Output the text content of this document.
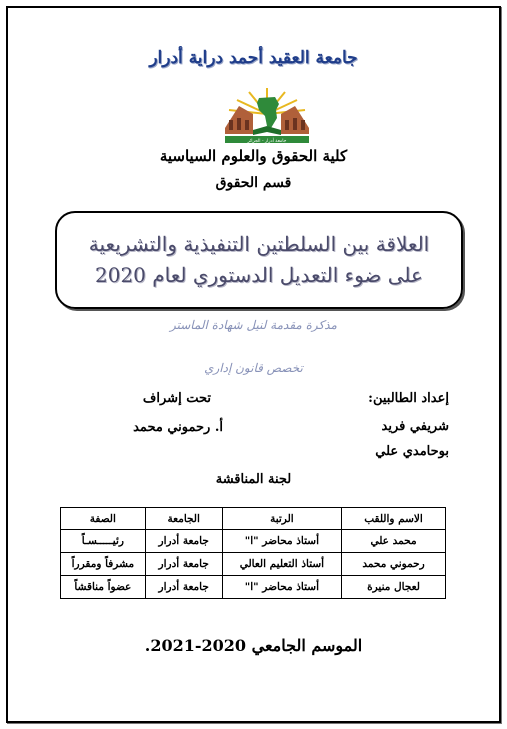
جامعة العقيد أحمد دراية أدرار
جامعة أدرار - الجزائر
كلية الحقوق والعلوم السياسية
قسم الحقوق
العلاقة بين السلطتين التنفيذية والتشريعية
على ضوء التعديل الدستوري لعام 2020
مذكرة مقدمة لنيل شهادة الماستر
تخصص قانون إداري
إعداد الطالبين:
شريفي فريد
بوحامدي علي
تحت إشراف
أ. رحموني محمد
لجنة المناقشة
الاسم واللقب	الرتبة	الجامعة	الصفة
محمد علي	أستاذ محاضر "ا"	جامعة أدرار	رئيـــــسـاً
رحموني محمد	أستاذ التعليم العالي	جامعة أدرار	مشرفاً ومقرراً
لعجال منيرة	أستاذ محاضر "ا"	جامعة أدرار	عضواً مناقشاً
الموسم الجامعي 2020-2021.
